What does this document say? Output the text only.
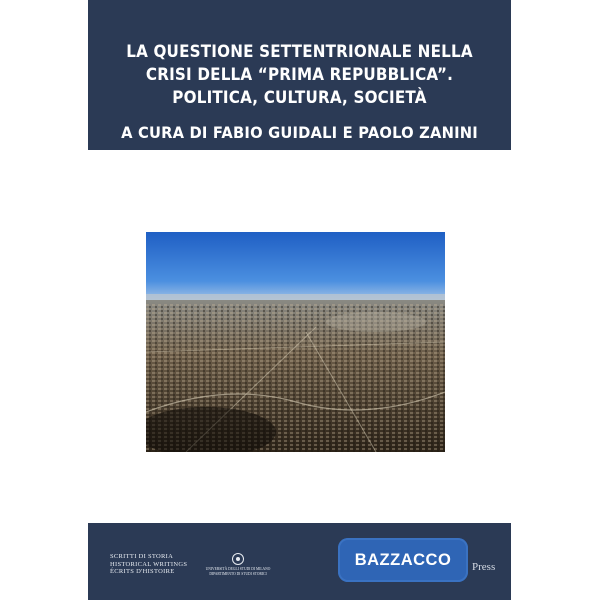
LA QUESTIONE SETTENTRIONALE NELLA
CRISI DELLA “PRIMA REPUBBLICA”.
POLITICA, CULTURA, SOCIETÀ
A CURA DI FABIO GUIDALI E PAOLO ZANINI
SCRITTI DI STORIA
HISTORICAL WRITINGS
ÉCRITS D'HISTOIRE	UNIVERSITÀ DEGLI STUDI DI MILANO
DIPARTIMENTO DI STUDI STORICI
BAZZACCO	Press
